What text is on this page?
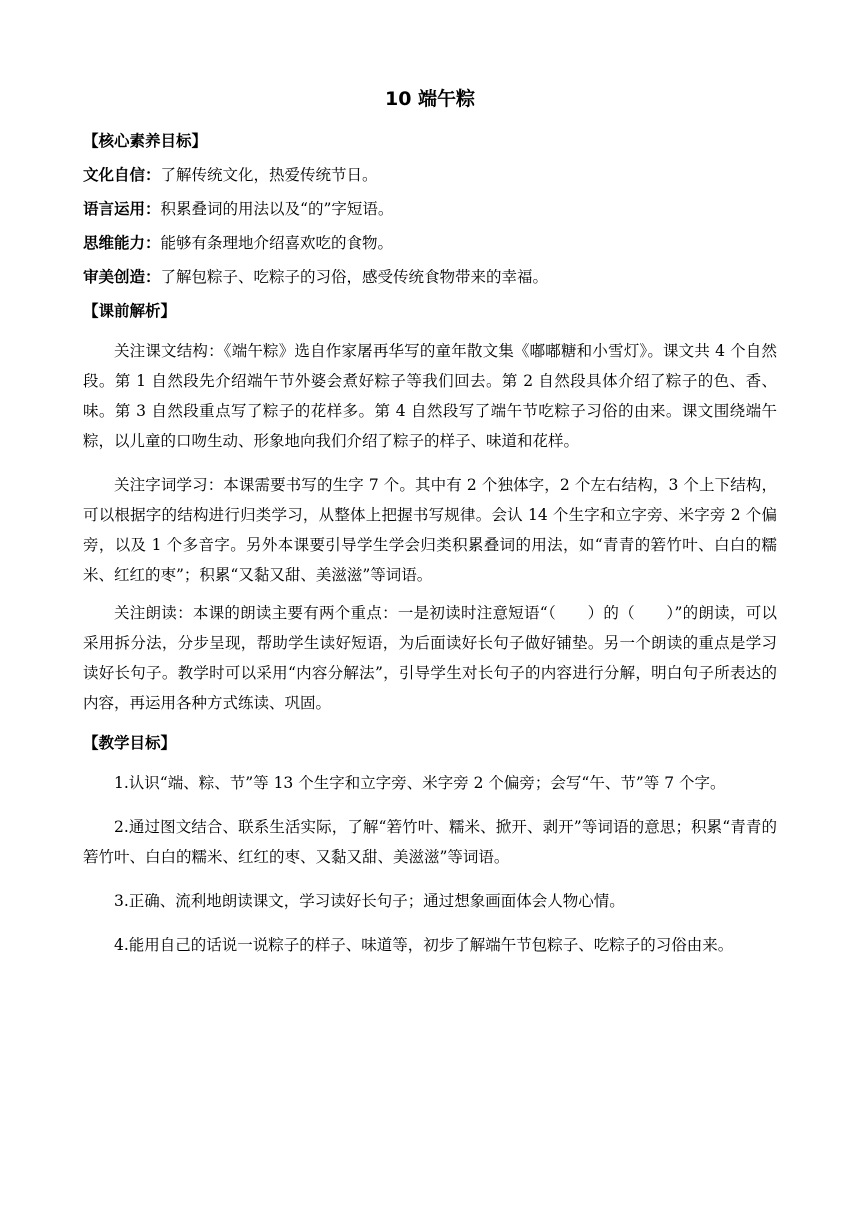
10 端午粽
【核心素养目标】
文化自信：了解传统文化，热爱传统节日。
语言运用：积累叠词的用法以及“的”字短语。
思维能力：能够有条理地介绍喜欢吃的食物。
审美创造：了解包粽子、吃粽子的习俗，感受传统食物带来的幸福。
【课前解析】

关注课文结构：《端午粽》选自作家屠再华写的童年散文集《嘟嘟糖和小雪灯》。课文共 4 个自然段。第 1 自然段先介绍端午节外婆会煮好粽子等我们回去。第 2 自然段具体介绍了粽子的色、香、味。第 3 自然段重点写了粽子的花样多。第 4 自然段写了端午节吃粽子习俗的由来。课文围绕端午粽，以儿童的口吻生动、形象地向我们介绍了粽子的样子、味道和花样。

关注字词学习：本课需要书写的生字 7 个。其中有 2 个独体字，2 个左右结构，3 个上下结构，可以根据字的结构进行归类学习，从整体上把握书写规律。会认 14 个生字和立字旁、米字旁 2 个偏旁，以及 1 个多音字。另外本课要引导学生学会归类积累叠词的用法，如“青青的箬竹叶、白白的糯米、红红的枣”；积累“又黏又甜、美滋滋”等词语。

关注朗读：本课的朗读主要有两个重点：一是初读时注意短语“（　　）的（　　）”的朗读，可以采用拆分法，分步呈现，帮助学生读好短语，为后面读好长句子做好铺垫。另一个朗读的重点是学习读好长句子。教学时可以采用“内容分解法”，引导学生对长句子的内容进行分解，明白句子所表达的内容，再运用各种方式练读、巩固。

【教学目标】

1.认识“端、粽、节”等 13 个生字和立字旁、米字旁 2 个偏旁；会写“午、节”等 7 个字。

2.通过图文结合、联系生活实际，了解“箬竹叶、糯米、掀开、剥开”等词语的意思；积累“青青的箬竹叶、白白的糯米、红红的枣、又黏又甜、美滋滋”等词语。

3.正确、流利地朗读课文，学习读好长句子；通过想象画面体会人物心情。

4.能用自己的话说一说粽子的样子、味道等，初步了解端午节包粽子、吃粽子的习俗由来。
